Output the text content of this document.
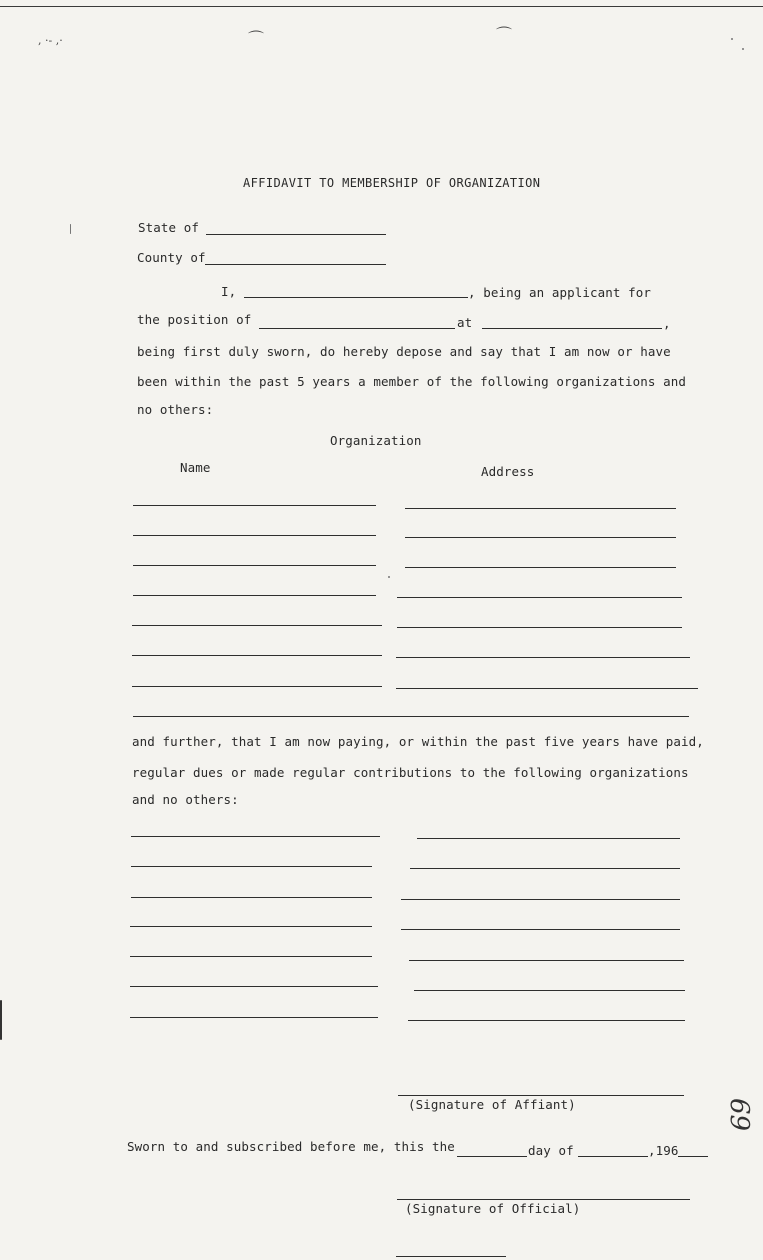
, ·- ,·	⌒	⌒
AFFIDAVIT TO MEMBERSHIP OF ORGANIZATION
State of
County of
I,	, being an applicant for
the position of	at	,
being first duly sworn, do hereby depose and say that I am now or have
been within the past 5 years a member of the following organizations and
no others:
Organization
Name	Address
and further, that I am now paying, or within the past five years have paid,
regular dues or made regular contributions to the following organizations
and no others:
(Signature of Affiant)
Sworn to and subscribed before me, this the	day of	,196
(Signature of Official)
69
